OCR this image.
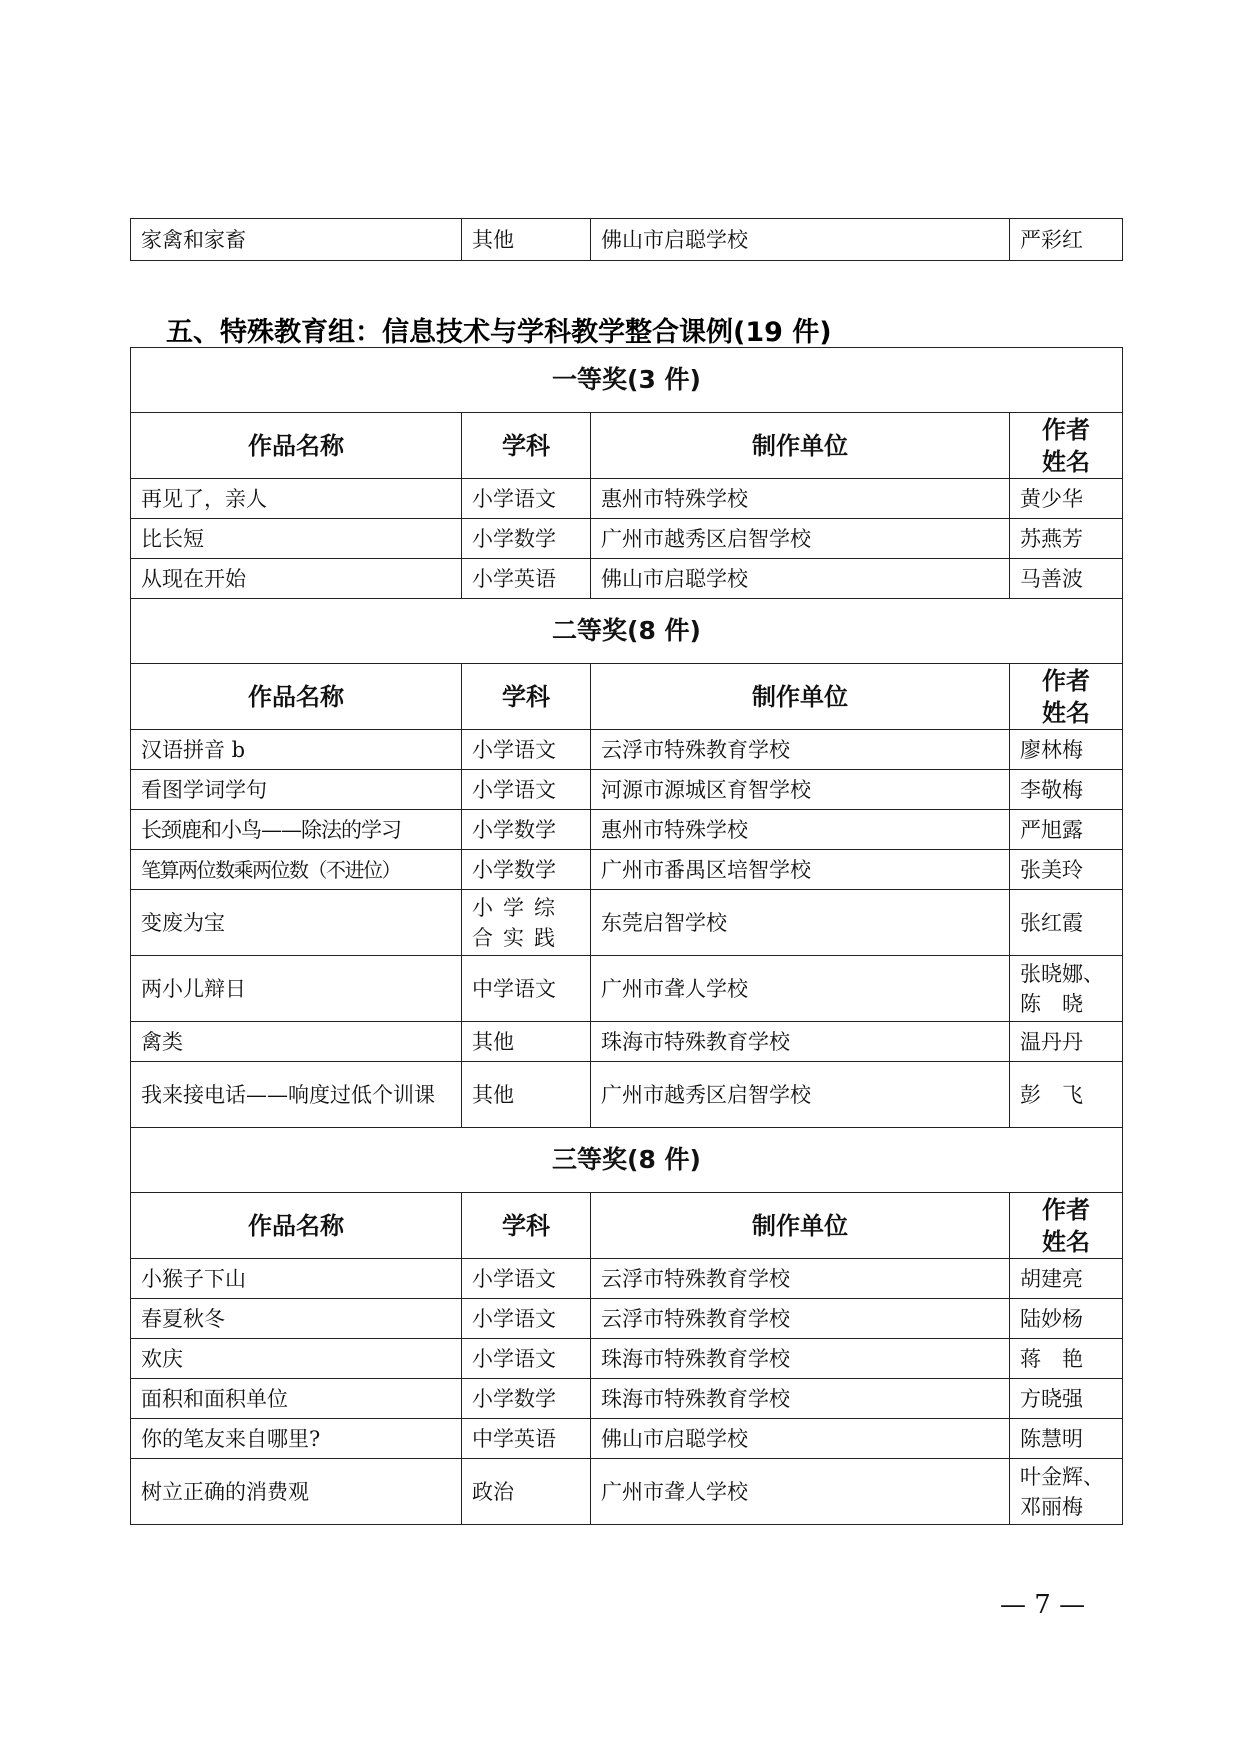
家禽和家畜	其他	佛山市启聪学校	严彩红
五、特殊教育组：信息技术与学科教学整合课例(19 件)
一等奖(3 件)			
作品名称	学科	制作单位	作者
姓名
再见了，亲人	小学语文	惠州市特殊学校	黄少华
比长短	小学数学	广州市越秀区启智学校	苏燕芳
从现在开始	小学英语	佛山市启聪学校	马善波
二等奖(8 件)			
作品名称	学科	制作单位	作者
姓名
汉语拼音 b	小学语文	云浮市特殊教育学校	廖林梅
看图学词学句	小学语文	河源市源城区育智学校	李敬梅
长颈鹿和小鸟——除法的学习	小学数学	惠州市特殊学校	严旭露
笔算两位数乘两位数（不进位）	小学数学	广州市番禺区培智学校	张美玲
变废为宝	小学综合实践	东莞启智学校	张红霞
两小儿辩日	中学语文	广州市聋人学校	张晓娜、陈　晓
禽类	其他	珠海市特殊教育学校	温丹丹
我来接电话——响度过低个训课	其他	广州市越秀区启智学校	彭　飞
三等奖(8 件)			
作品名称	学科	制作单位	作者
姓名
小猴子下山	小学语文	云浮市特殊教育学校	胡建亮
春夏秋冬	小学语文	云浮市特殊教育学校	陆妙杨
欢庆	小学语文	珠海市特殊教育学校	蒋　艳
面积和面积单位	小学数学	珠海市特殊教育学校	方晓强
你的笔友来自哪里?	中学英语	佛山市启聪学校	陈慧明
树立正确的消费观	政治	广州市聋人学校	叶金辉、邓丽梅
— 7 —
